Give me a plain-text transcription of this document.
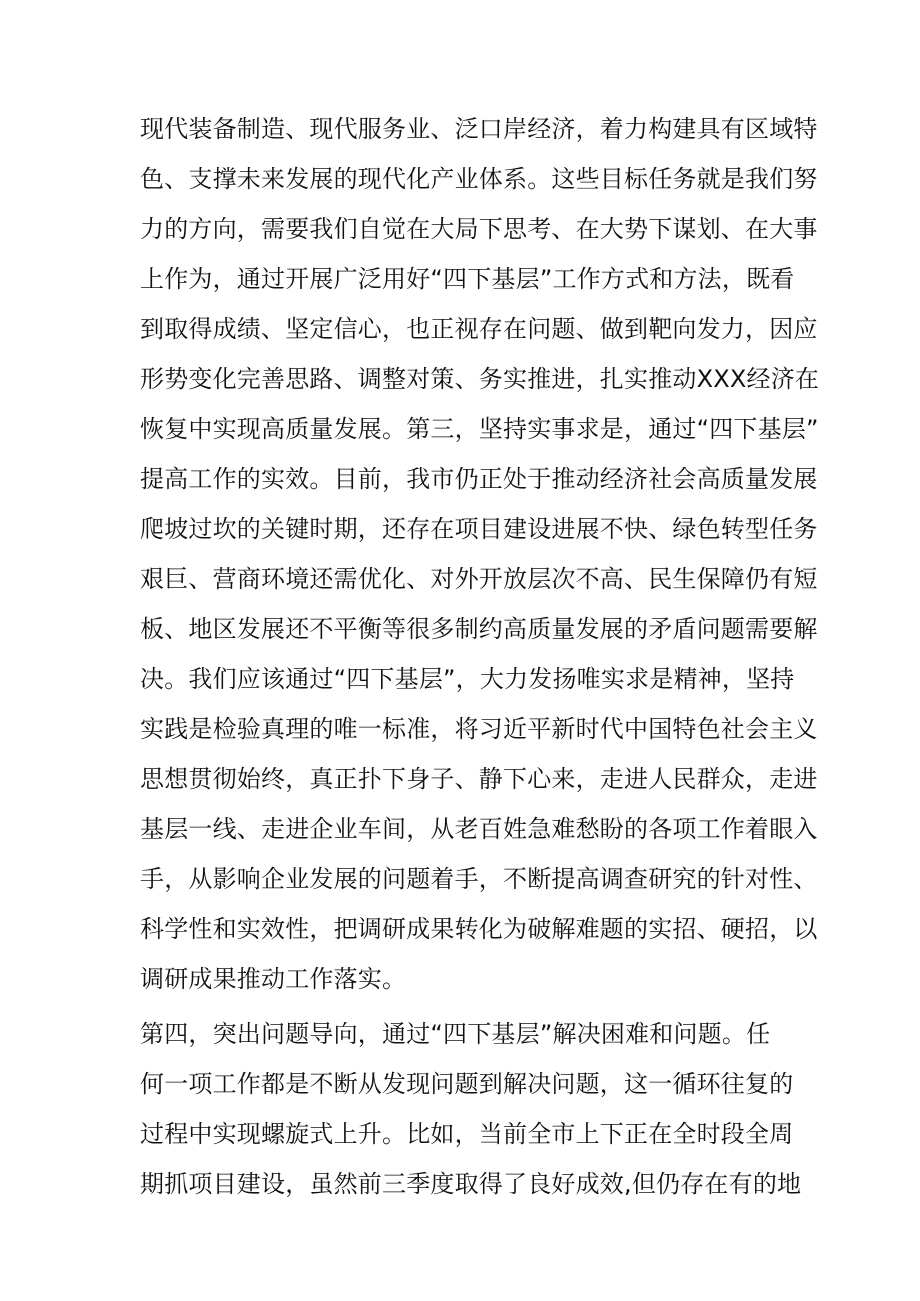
现代装备制造、现代服务业、泛口岸经济，着力构建具有区域特
色、支撑未来发展的现代化产业体系。这些目标任务就是我们努
力的方向，需要我们自觉在大局下思考、在大势下谋划、在大事
上作为，通过开展广泛用好“四下基层”工作方式和方法，既看
到取得成绩、坚定信心，也正视存在问题、做到靶向发力，因应
形势变化完善思路、调整对策、务实推进，扎实推动XXX经济在
恢复中实现高质量发展。第三，坚持实事求是，通过“四下基层”
提高工作的实效。目前，我市仍正处于推动经济社会高质量发展
爬坡过坎的关键时期，还存在项目建设进展不快、绿色转型任务
艰巨、营商环境还需优化、对外开放层次不高、民生保障仍有短
板、地区发展还不平衡等很多制约高质量发展的矛盾问题需要解
决。我们应该通过“四下基层”，大力发扬唯实求是精神，坚持
实践是检验真理的唯一标准，将习近平新时代中国特色社会主义
思想贯彻始终，真正扑下身子、静下心来，走进人民群众，走进
基层一线、走进企业车间，从老百姓急难愁盼的各项工作着眼入
手，从影响企业发展的问题着手，不断提高调查研究的针对性、
科学性和实效性，把调研成果转化为破解难题的实招、硬招，以
调研成果推动工作落实。
第四，突出问题导向，通过“四下基层”解决困难和问题。任
何一项工作都是不断从发现问题到解决问题，这一循环往复的
过程中实现螺旋式上升。比如，当前全市上下正在全时段全周
期抓项目建设，虽然前三季度取得了良好成效,但仍存在有的地
